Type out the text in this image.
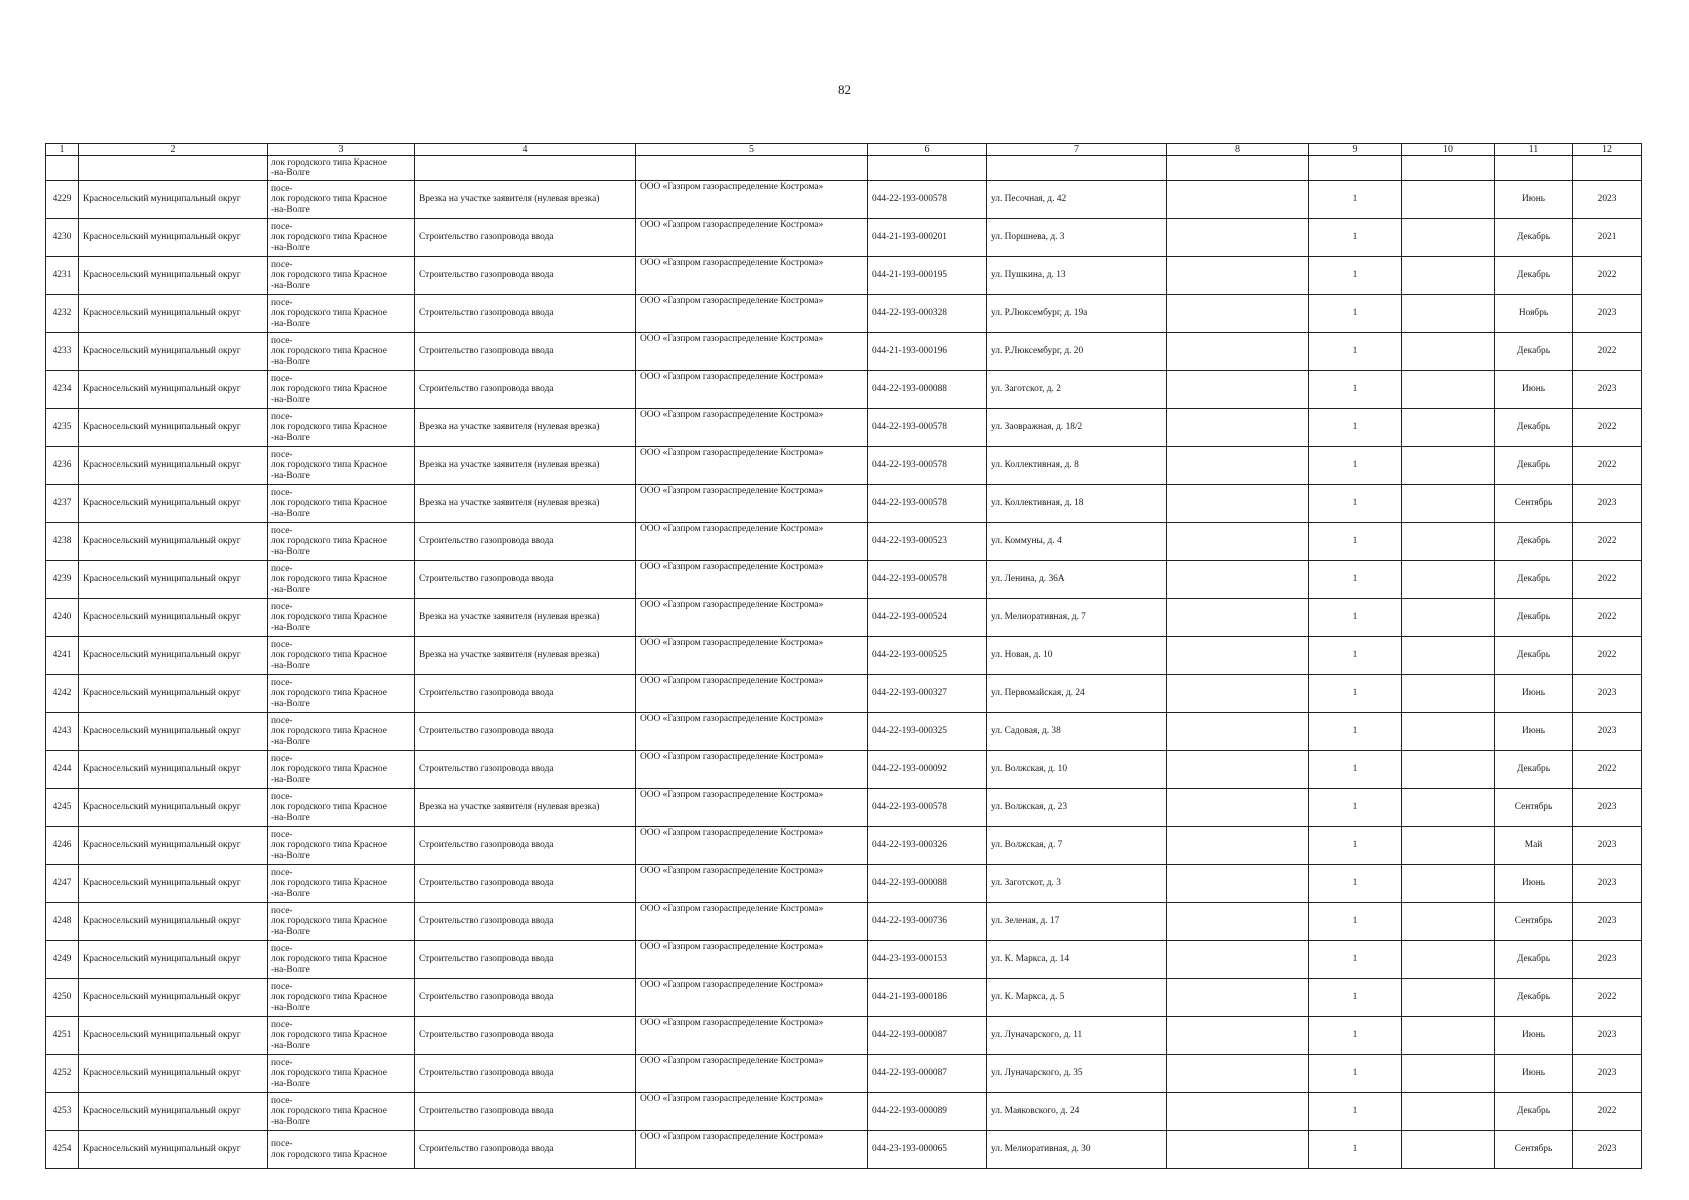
82
1	2	3	4	5	6	7	8	9	10	11	12

		лок городского типа Красное
-на-Волге									

4229	Красносельский муниципальный округ	посе-
лок городского типа Красное
-на-Волге	Врезка на участке заявителя (нулевая врезка)	ООО «Газпром газораспределение Кострома»	044-22-193-000578	ул. Песочная, д. 42		1		Июнь	2023
4230	Красносельский муниципальный округ	посе-
лок городского типа Красное
-на-Волге	Строительство газопровода ввода	ООО «Газпром газораспределение Кострома»	044-21-193-000201	ул. Поршнева, д. 3		1		Декабрь	2021
4231	Красносельский муниципальный округ	посе-
лок городского типа Красное
-на-Волге	Строительство газопровода ввода	ООО «Газпром газораспределение Кострома»	044-21-193-000195	ул. Пушкина, д. 13		1		Декабрь	2022
4232	Красносельский муниципальный округ	посе-
лок городского типа Красное
-на-Волге	Строительство газопровода ввода	ООО «Газпром газораспределение Кострома»	044-22-193-000328	ул. Р.Люксембург, д. 19а		1		Ноябрь	2023
4233	Красносельский муниципальный округ	посе-
лок городского типа Красное
-на-Волге	Строительство газопровода ввода	ООО «Газпром газораспределение Кострома»	044-21-193-000196	ул. Р.Люксембург, д. 20		1		Декабрь	2022
4234	Красносельский муниципальный округ	посе-
лок городского типа Красное
-на-Волге	Строительство газопровода ввода	ООО «Газпром газораспределение Кострома»	044-22-193-000088	ул. Заготскот, д. 2		1		Июнь	2023
4235	Красносельский муниципальный округ	посе-
лок городского типа Красное
-на-Волге	Врезка на участке заявителя (нулевая врезка)	ООО «Газпром газораспределение Кострома»	044-22-193-000578	ул. Заовражная, д. 18/2		1		Декабрь	2022
4236	Красносельский муниципальный округ	посе-
лок городского типа Красное
-на-Волге	Врезка на участке заявителя (нулевая врезка)	ООО «Газпром газораспределение Кострома»	044-22-193-000578	ул. Коллективная, д. 8		1		Декабрь	2022
4237	Красносельский муниципальный округ	посе-
лок городского типа Красное
-на-Волге	Врезка на участке заявителя (нулевая врезка)	ООО «Газпром газораспределение Кострома»	044-22-193-000578	ул. Коллективная, д. 18		1		Сентябрь	2023
4238	Красносельский муниципальный округ	посе-
лок городского типа Красное
-на-Волге	Строительство газопровода ввода	ООО «Газпром газораспределение Кострома»	044-22-193-000523	ул. Коммуны, д. 4		1		Декабрь	2022
4239	Красносельский муниципальный округ	посе-
лок городского типа Красное
-на-Волге	Строительство газопровода ввода	ООО «Газпром газораспределение Кострома»	044-22-193-000578	ул. Ленина, д. 36А		1		Декабрь	2022
4240	Красносельский муниципальный округ	посе-
лок городского типа Красное
-на-Волге	Врезка на участке заявителя (нулевая врезка)	ООО «Газпром газораспределение Кострома»	044-22-193-000524	ул. Мелиоративная, д. 7		1		Декабрь	2022
4241	Красносельский муниципальный округ	посе-
лок городского типа Красное
-на-Волге	Врезка на участке заявителя (нулевая врезка)	ООО «Газпром газораспределение Кострома»	044-22-193-000525	ул. Новая, д. 10		1		Декабрь	2022
4242	Красносельский муниципальный округ	посе-
лок городского типа Красное
-на-Волге	Строительство газопровода ввода	ООО «Газпром газораспределение Кострома»	044-22-193-000327	ул. Первомайская, д. 24		1		Июнь	2023
4243	Красносельский муниципальный округ	посе-
лок городского типа Красное
-на-Волге	Строительство газопровода ввода	ООО «Газпром газораспределение Кострома»	044-22-193-000325	ул. Садовая, д. 38		1		Июнь	2023
4244	Красносельский муниципальный округ	посе-
лок городского типа Красное
-на-Волге	Строительство газопровода ввода	ООО «Газпром газораспределение Кострома»	044-22-193-000092	ул. Волжская, д. 10		1		Декабрь	2022
4245	Красносельский муниципальный округ	посе-
лок городского типа Красное
-на-Волге	Врезка на участке заявителя (нулевая врезка)	ООО «Газпром газораспределение Кострома»	044-22-193-000578	ул. Волжская, д. 23		1		Сентябрь	2023
4246	Красносельский муниципальный округ	посе-
лок городского типа Красное
-на-Волге	Строительство газопровода ввода	ООО «Газпром газораспределение Кострома»	044-22-193-000326	ул. Волжская, д. 7		1		Май	2023
4247	Красносельский муниципальный округ	посе-
лок городского типа Красное
-на-Волге	Строительство газопровода ввода	ООО «Газпром газораспределение Кострома»	044-22-193-000088	ул. Заготскот, д. 3		1		Июнь	2023
4248	Красносельский муниципальный округ	посе-
лок городского типа Красное
-на-Волге	Строительство газопровода ввода	ООО «Газпром газораспределение Кострома»	044-22-193-000736	ул. Зеленая, д. 17		1		Сентябрь	2023
4249	Красносельский муниципальный округ	посе-
лок городского типа Красное
-на-Волге	Строительство газопровода ввода	ООО «Газпром газораспределение Кострома»	044-23-193-000153	ул. К. Маркса, д. 14		1		Декабрь	2023
4250	Красносельский муниципальный округ	посе-
лок городского типа Красное
-на-Волге	Строительство газопровода ввода	ООО «Газпром газораспределение Кострома»	044-21-193-000186	ул. К. Маркса, д. 5		1		Декабрь	2022
4251	Красносельский муниципальный округ	посе-
лок городского типа Красное
-на-Волге	Строительство газопровода ввода	ООО «Газпром газораспределение Кострома»	044-22-193-000087	ул. Луначарского, д. 11		1		Июнь	2023
4252	Красносельский муниципальный округ	посе-
лок городского типа Красное
-на-Волге	Строительство газопровода ввода	ООО «Газпром газораспределение Кострома»	044-22-193-000087	ул. Луначарского, д. 35		1		Июнь	2023
4253	Красносельский муниципальный округ	посе-
лок городского типа Красное
-на-Волге	Строительство газопровода ввода	ООО «Газпром газораспределение Кострома»	044-22-193-000089	ул. Маяковского, д. 24		1		Декабрь	2022
4254	Красносельский муниципальный округ	посе-
лок городского типа Красное	Строительство газопровода ввода	ООО «Газпром газораспределение Кострома»	044-23-193-000065	ул. Мелиоративная, д. 30		1		Сентябрь	2023
